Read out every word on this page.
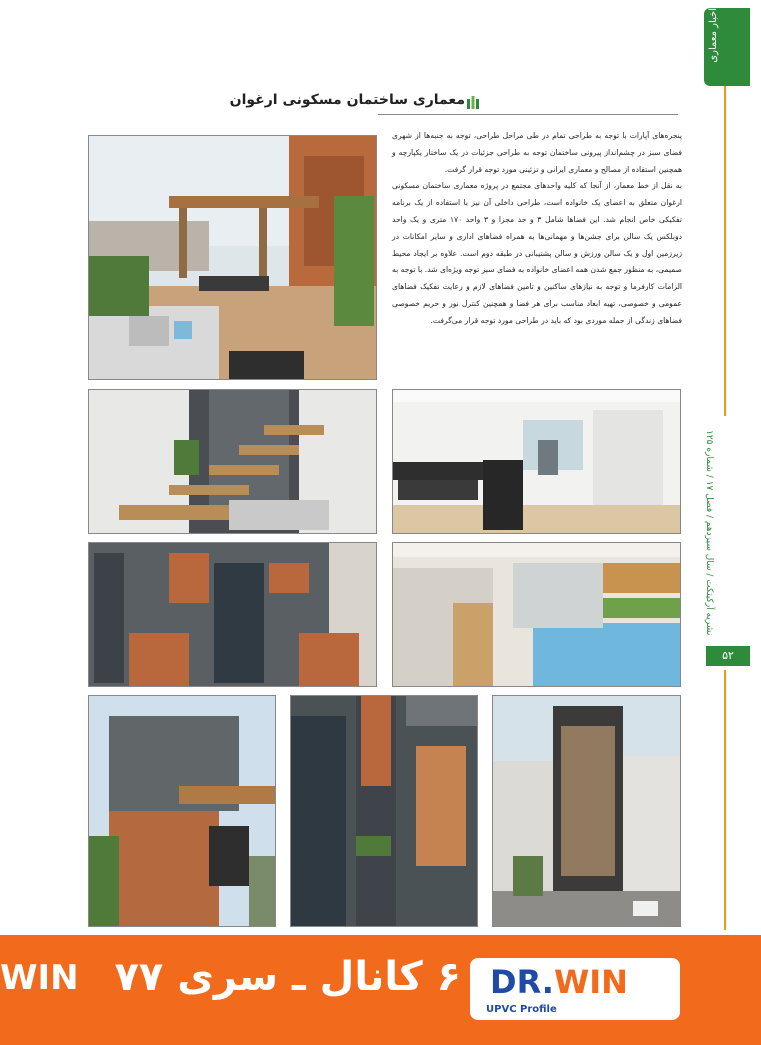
اخبار معماری
نشریه آرکیتکت / سال سیزدهم / فصل ۱۷ / شماره ۱۲۵
۵۲
معماری ساختمان مسکونی ارغوان

پنجره‌های آپارات با توجه به طراحی تمام در طی مراحل طراحی، توجه به جنبه‌ها از شهری فضای سبز در چشم‌انداز پیرونی ساختمان توجه به طراحی جزئیات در یک ساختار یکپارچه و همچنین استفاده از مصالح و معماری ایرانی و تزئینی مورد توجه قرار گرفت.

به نقل از خط معمار، از آنجا که کلیه واحدهای مجتمع در پروژه معماری ساختمان مسکونی ارغوان متعلق به اعضای یک خانواده است، طراحی داخلی آن نیز با استفاده از یک برنامه تفکیکی خاص انجام شد. این فضاها شامل ۳ و حد مجزا و ۳ واحد ۱۷۰ متری و یک واحد دوبلکس یک سالن برای جشن‌ها و مهمانی‌ها به همراه فضاهای اداری و سایر امکانات در زیرزمین اول و یک سالن ورزش و سالن پشتیبانی در طبقه دوم است. علاوه بر ایجاد محیط صمیمی، به منظور جمع شدن همه اعضای خانواده به فضای سبز توجه ویژه‌ای شد. با توجه به الزامات کارفرما و توجه به نیازهای ساکنین و تامین فضاهای لازم و رعایت تفکیک فضاهای عمومی و خصوصی، تهیه ابعاد مناسب برای هر فضا و همچنین کنترل نور و حریم خصوصی فضاهای زندگی از جمله موردی بود که باید در طراحی مورد توجه قرار می‌گرفت.

WIN ۶ کانال ـ سری ۷۷ DR.WIN
UPVC Profile
